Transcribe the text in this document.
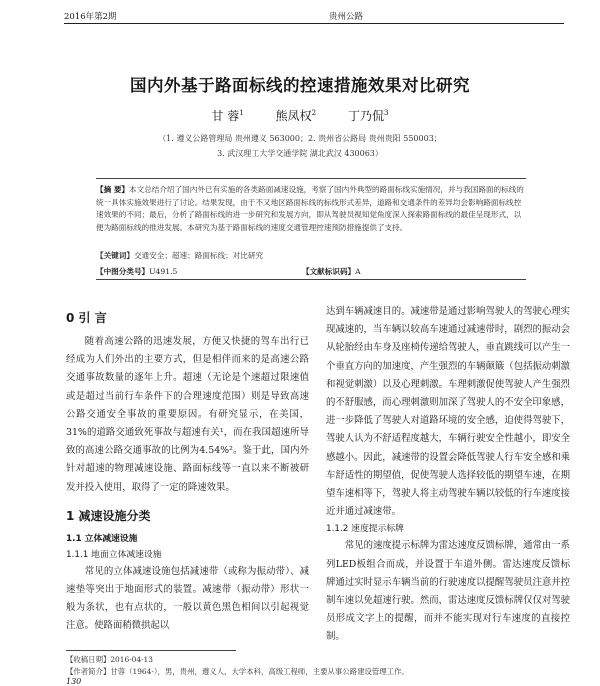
2016年第2期	贵州公路
国内外基于路面标线的控速措施效果对比研究
甘 蓉$^1$	熊凤权$^2$	丁乃侃$^3$
（1. 遵义公路管理局 贵州遵义 563000；2. 贵州省公路局 贵州贵阳 550003；
3. 武汉理工大学交通学院 湖北武汉 430063）
【摘 要】本文总结介绍了国内外已有实施的各类路面减速设施，考察了国内外典型的路面标线实施情况，并与我国路面的标线的统一具体实施效果进行了讨论。结果发现，由于不又地区路面标线的标线形式差异，道路和交通条件的差异均会影响路面标线控速效果的不同；最后，分析了路面标线的进一步研究和发展方向，即从驾驶员视知觉角度深入探索路面标线的最佳呈现形式，以便为路面标线的推进发展。本研究为基于路面标线的速度交通管理控速预防措施提供了支持。
【关键词】交通安全；超速；路面标线；对比研究
【中图分类号】U491.5	【文献标识码】A
0 引 言

随着高速公路的迅速发展，方便又快捷的驾车出行已经成为人们外出的主要方式，但是相伴而来的是高速公路交通事故数量的逐年上升。超速（无论是个速超过限速值或是超过当前行车条件下的合理速度范围）则是导致高速公路交通安全事故的重要原因。有研究显示，在美国，31%的道路交通致死事故与超速有关¹，而在我国超速所导致的高速公路交通事故的比例为4.54%²。鉴于此，国内外针对超速的物理减速设施、路面标线等一直以来不断被研发并投入使用，取得了一定的降速效果。

1 减速设施分类
1.1 立体减速设施
1.1.1 地面立体减速设施

常见的立体减速设施包括减速带（或称为振动带）、减速垫等突出于地面形式的装置。减速带（振动带）形状一般为条状，也有点状的，一般以黄色黑色相间以引起视觉注意。使路面稍微拱起以

达到车辆减速目的。减速带是通过影响驾驶人的驾驶心理实现减速的，当车辆以较高车速通过减速带时，剧烈的振动会从轮胎经由车身及座椅传递给驾驶人，垂直跳线可以产生一个垂直方向的加速度，产生强烈的车辆颠簸（包括振动刺激和视觉刺激）以及心理刺激。车理刺激促使驾驶人产生强烈的不舒服感，而心理刺激则加深了驾驶人的不安全印象感，进一步降低了驾驶人对道路环境的安全感，迫使得驾驶下，驾驶人认为不舒适程度越大，车辆行驶安全性越小，即安全感越小。因此，减速带的设置会降低驾驶人行车安全感和乘车舒适性的期望值，促使驾驶人选择较低的期望车速，在期望车速相等下，驾驶人将主动驾驶车辆以较低的行车速度接近并通过减速带。

1.1.2 速度提示标牌

常见的速度提示标牌为雷达速度反馈标牌，通常由一系列LED板组合而成，并设置于车道外侧。雷达速度反馈标牌通过实时显示车辆当前的行驶速度以提醒驾驶员注意并控制车速以免超速行驶。然而，雷达速度反馈标牌仅仅对驾驶员形成文字上的提醒，而并不能实现对行车速度的直接控制。

【收稿日期】2016-04-13
【作者简介】甘蓉（1964-），男，贵州，遵义人，大学本科，高级工程师，主要从事公路建设管理工作。
130
